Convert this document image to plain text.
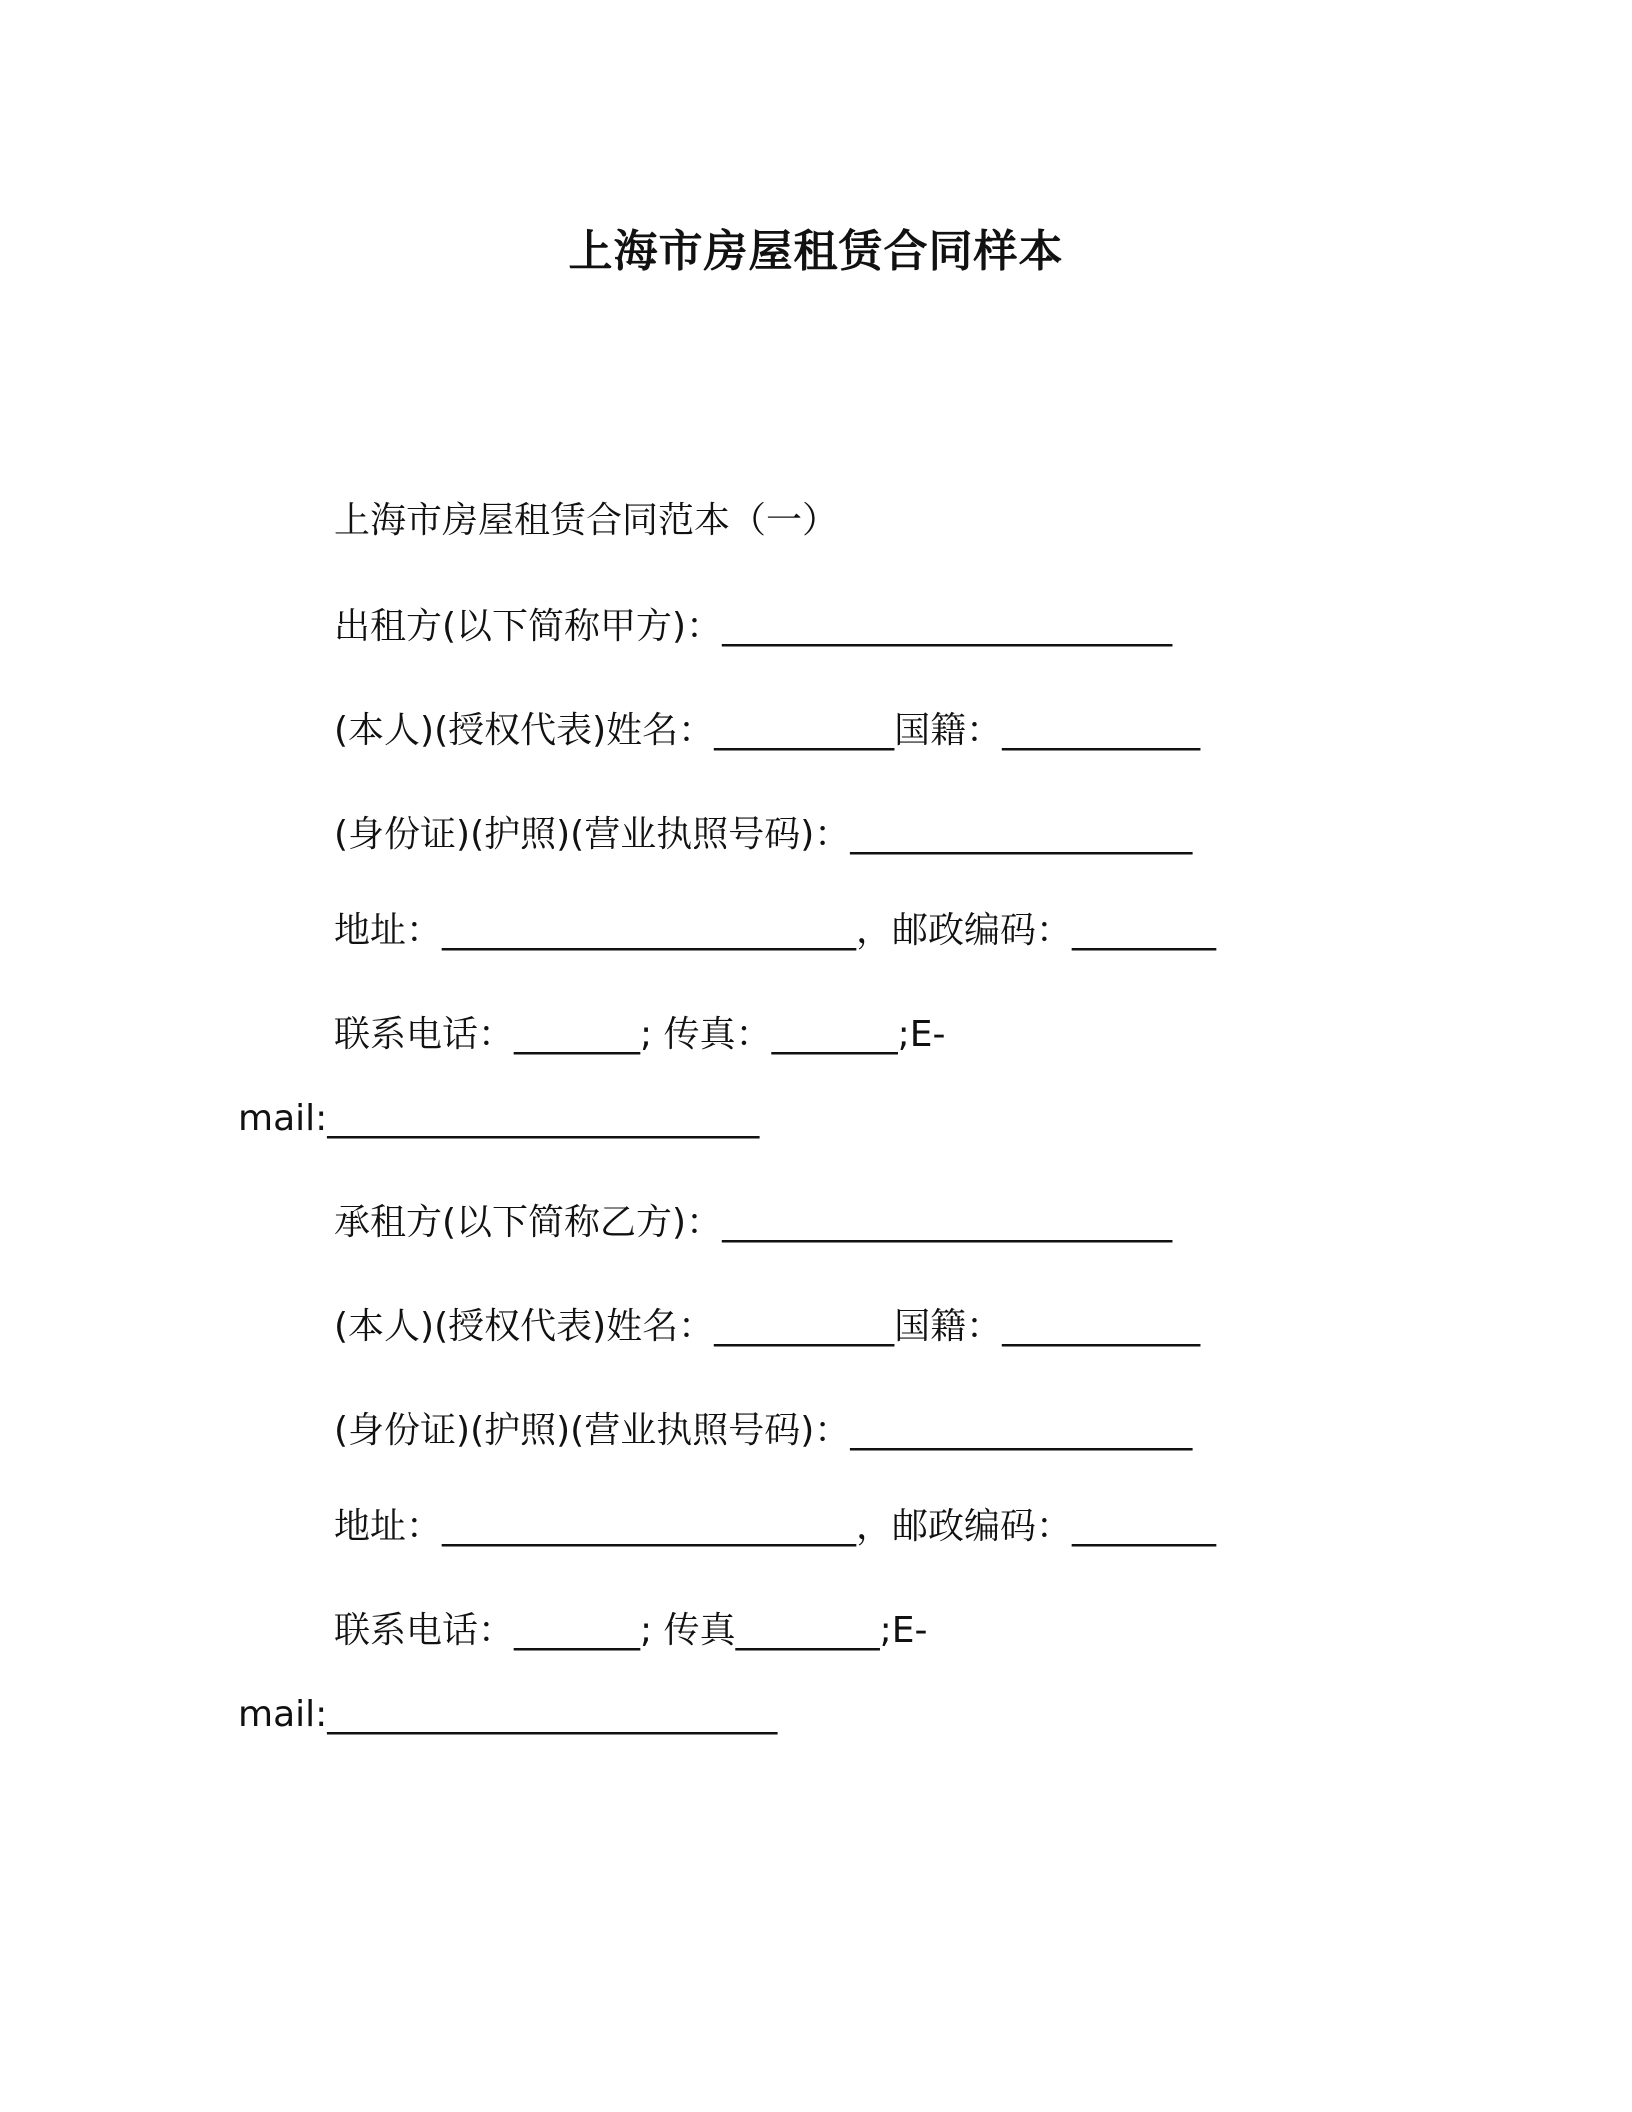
上海市房屋租赁合同样本

上海市房屋租赁合同范本（一）

出租方(以下简称甲方)：_________________________

(本人)(授权代表)姓名：__________国籍：___________

(身份证)(护照)(营业执照号码)：___________________

地址：_______________________，邮政编码：________

联系电话：_______; 传真：_______;E-

mail:________________________

承租方(以下简称乙方)：_________________________

(本人)(授权代表)姓名：__________国籍：___________

(身份证)(护照)(营业执照号码)：___________________

地址：_______________________，邮政编码：________

联系电话：_______; 传真________;E-

mail:_________________________
